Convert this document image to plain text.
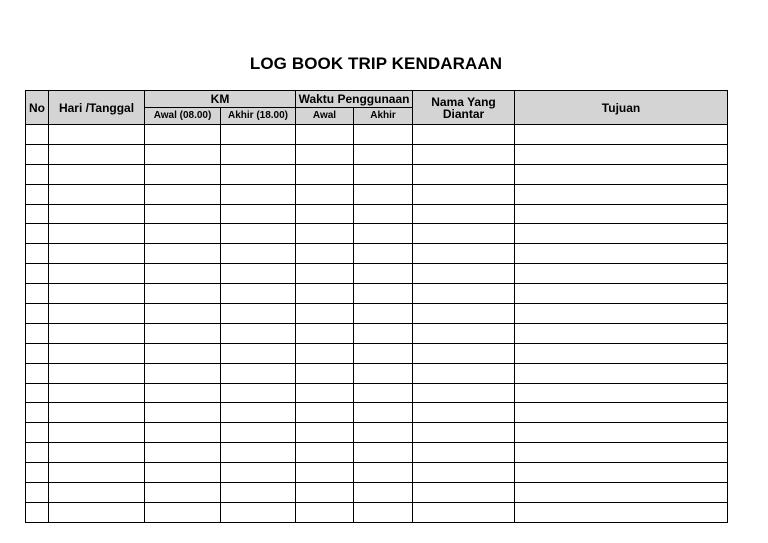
LOG BOOK TRIP KENDARAAN
No	Hari /Tanggal	KM		Waktu Penggunaan		Nama Yang Diantar	Tujuan
		Awal (08.00)	Akhir (18.00)	Awal	Akhir		
